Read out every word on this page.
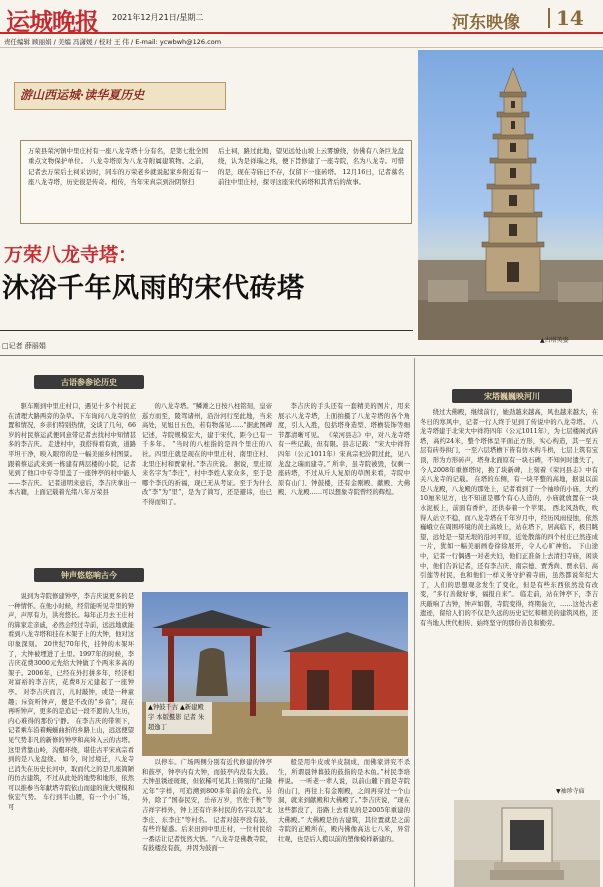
运城晚报 2021年12月21日/星期二	河东映像 14
责任编辑 顾丽娟 / 美编 冯潇媛 / 校对 王 伟 / E-mail: ycwbwh@126.com
游山西运城·读华夏历史
万荣县荣河镇中里庄村有一座八龙寺塔十分有名，是第七批全国重点文物保护单位。 八龙寺塔原为八龙寺附属建筑物。之前，记者去万荣后土祠采访时，同车的万荣老乡就说起家乡附近有一座八龙寺塔，历史很是传奇。相传，当年宋真宗到汾阴祭扫
后土祠，路过此地，望见远处山坡上云雾缭绕，仿佛有八条巨龙盘绕，认为是祥瑞之兆，便下旨修建了一座寺院，名为八龙寺。可惜的是，现在寺庙已不存，仅留下一座砖塔。 12月16日，记者慕名前往中里庄村，探寻这座宋代砖塔和其背后的故事。
▲古塔英姿
万荣八龙寺塔：
沐浴千年风雨的宋代砖塔
□记者 薛丽娟
古语参参论历史
宋塔巍巍映河川
钟声悠悠响古今
驱车刚到中里庄村口，遇见十多个村民正在清理大路两旁的杂草。下车询问八龙寺的位置和情况，乡亲们特别热情，交谈了几句，66岁的村民蔡运武便同意带记者去找村中知情甚多的李吉庆。 走进村中，我搭得看有致，道路平坦干净，映入眼帘的是一幅美丽乡村图景。跟着蔡运武来到一栋建有两层楼的小院，记者见到了他口中专寺里盖了一座钟亭的村中能人——李吉庆。 记者道明来意后，李吉庆拿出一本古籍，上面记载着光绪八年万荣县
的八龙寺塔。“鳞滩之日按八柱铭刻，皇帝巡方而至，陵驾诸州，沿汾河行至此地，当来高处，见旭日五色，若有物荡见……”据此图碑记述，寺院规模宏大，建于宋代，距今已有一千多年。 “当时的八柱指的是四个里庄的八社。四里庄就是现在的中里庄村、南里庄村、北里庄村和贾家村。”李吉庆说。 据说，里庄原来名字为“李庄”，村中李姓人家众多，至于是哪个李氏的祈福，现已无从考证。至于为什么改“李”为“里”，是为了简写，还是避讳，也已不得而知了。
李吉庆的手头还有一套精美的图片，用来展示八龙寺塔，上面拍摄了八龙寺塔的各个角度，引人入胜，包括塔身造型、塔檐装饰等细节都清晰可见。 《荣河县志》中，对八龙寺塔有一些记载，但有限。县志记载：“宋大中祥符四年（公元1011年）宋真宗祀汾阴过此，见八龙盘之瑞而建寺。” 所幸，虽寺院被毁，仅剩一座砖塔，不过从斤人复原的草图来看，寺院中原有山门、钟鼓楼，还有金刚殿、献殿、大佛殿、八龙殿……可以想象寺院曾经的辉煌。
绕过大佛殿，继续前行，她劲越来越高，风也越来越大，在冬日的寒风中，记者一行人终于见到了传说中的八龙寺塔。 八龙寺塔建于北宋大中祥符四年（公元1011年），为七层楼阁式砖塔，高约24米，整个塔体呈平面正方形，实心构造，其一至五层有砖券拱门，一至六层塔檐下皆有仿木构斗栱，七层上筑有宝顶，形为方形砖声，塔身北面原有一块石碑，不知何时遗失了，今人2008年重修塔时，换了块新碑，上刻着《荣河县志》中有关八龙寺的记载。 在塔的东侧，有一块平整的高地，据说以前是八龙殿，八龙殿的那处上，记者看到了一个袖珍的小庙，大约10厘米见方，也不知道是哪个有心人造的，小庙就放置在一块水泥板上，前面有香炉，还供奉着一个苹果。 西北风劲吹，吹得人站立不稳，而八龙寺塔在千年岁月中，经历风雨侵蚀，依然巍峨立在周围环境的黄土高坡上，站在塔下，居高临下，极目眺望，远处是一望无垠的沿河平原，近处散落的四个村庄已然连成一片，犹如一幅美丽画卷徐徐展开，令人心旷神怡。 下山途中，记者一行偶遇一对老夫妇，他们正准备上去清扫寺庙，闲谈中，他们告诉记者，还有李吉庆、南宗德、贾秀尚、贾永信、高引莲等村民，也和他们一样义务守护着寺庙，虽然都说年纪大了，人们的思想观念发生了变化，但是有些东西依然没有改变，“多行善做好事，福报自来”。 临走前，站在钟亭下，李吉庆敲响了古钟，钟声如磬，寺院变得，终期袅立，……这处古老遗迹，留给人们的不仅是久远的历史记忆和精美的建筑风格，还有当地人世代相传、始终坚守的那份善良和勤劳。
说到为寺院修建钟亭，李吉庆说更多的是一种情怀。在他小时候，经常能听见寺里的钟声，声厚有力，洪亮悠长。每年正月去王庄村的算家走亲戚，必然会经过寺前，远远地就能看到八龙寺塔和挂在木架子上的大钟，他对这印象深刻。 20世纪70年代，挂钟的木架坏了，大钟被埋进了土里。1997年的时候，李吉庆花费3000元先给大钟做了个两米多高的架子。2006年，已经在外打拼多年，经济相对富裕的李吉庆，花费8万元建起了一座钟亭。 对李吉庆而言，儿时敲钟，或是一种童趣；斥资听钟声，便是不改的“乡音”；现在再听钟声，更多的是追记一段不愿的人生历，内心难得的那份宁静。 在李吉庆的带领下，记者乘车沿着蜿蜒曲折的乡路上山，远远便望见气势非凡的新修的钟亭和高耸入云的古塔。这里背靠山岭，沟壑环绕，堪佳古平宋真宗看到的是八龙盘绕。 如今，时过境迁，八龙寺已消失在历史长河中，取而代之的是几座简陋的仿古建筑，不过从此处的地势和地形，依然可以推参当年献塔寺院依山而建的庞大规模和恢宏气势。 车行到半山腰，有一个小广场，可
以停车。广场两侧分别有近代修建的钟亭和鼓亭，钟亭内有大钟，而鼓亭内没有大鼓。 大钟虽锈迹斑斑，但依稀可见其上铸刻的“正隆元年”字样，可追溯到800多年前的金代。另外，除了“国泰民安，岳帝万岁，官佐千秋”等吉祥字样外，钟上还有许多村民的名字以及“北李庄、东李庄”等村名。 记者对鼓亭没有鼓，有些许疑惑。后来田到中里庄村，一位村民给一番话让记者恍然大悟。“八龙寺是佛教寺院，有鼓楼没有鼓，并因为鼓面一
般是用牛皮或羊皮制成，而佛家讲究不杀生，所谓晨钟暮鼓的鼓指的是木鱼。”村民李培梓说。 一听老一辈人说，以前山麓下面是寺院的山门，再往上有金刚殿，之间再穿过一个山洞，就来到献殿和大佛殿了。”李吉庆说，“现在这些都没了，沿路上去看见的是2005年重建的大佛殿。” 大佛殿是仿古建筑，其位置就是之前寺院的正殿所在，殿内佛像高达七八米，异常壮观，也是后人揽以前的塑像模样新建的。
▲钟鼓千古 ▲新建殿宇 本版摄影 记者 朱超逸丁
▼袖珍寺庙
